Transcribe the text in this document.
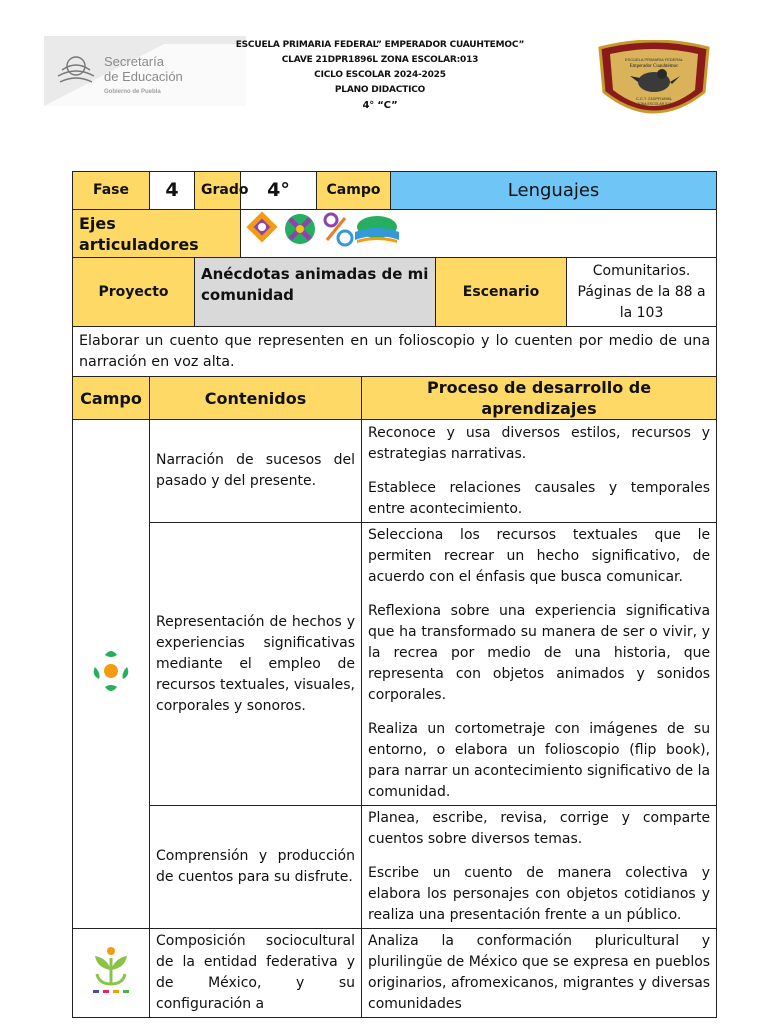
Secretaría
de Educación
Gobierno de Puebla
ESCUELA PRIMARIA FEDERAL” EMPERADOR CUAUHTEMOC”
CLAVE 21DPR1896L ZONA ESCOLAR:013
CICLO ESCOLAR 2024-2025
PLANO DIDACTICO
4° “C”
ESCUELA PRIMARIA FEDERAL
Emperador Cuauhtémoc
C.C.T. 21DPR1896L
ZONA ESCOLAR 013
Fase	4	Grado	4°	Campo		Lenguajes		
Ejes articuladores	
Proyecto		Anécdotas animadas de mi comunidad					Escenario	Comunitarios. Páginas de la 88 a la 103
Elaborar un cuento que representen en un folioscopio y lo cuenten por medio de una narración en voz alta.								
Campo	Contenidos				Proceso de desarrollo de aprendizajes			
	Narración de sucesos del pasado y del presente.				Reconoce y usa diversos estilos, recursos y estrategias narrativas.

Establece relaciones causales y temporales entre acontecimiento.			

	Representación de hechos y experiencias significativas mediante el empleo de recursos textuales, visuales, corporales y sonoros.				Selecciona los recursos textuales que le permiten recrear un hecho significativo, de acuerdo con el énfasis que busca comunicar.

Reflexiona sobre una experiencia significativa que ha transformado su manera de ser o vivir, y la recrea por medio de una historia, que representa con objetos animados y sonidos corporales.

Realiza un cortometraje con imágenes de su entorno, o elabora un folioscopio (flip book), para narrar un acontecimiento significativo de la comunidad.			

	Comprensión y producción de cuentos para su disfrute.				Planea, escribe, revisa, corrige y comparte cuentos sobre diversos temas.

Escribe un cuento de manera colectiva y elabora los personajes con objetos cotidianos y realiza una presentación frente a un público.			

	Composición sociocultural de la entidad federativa y de México, y su configuración a				Analiza la conformación pluricultural y plurilingüe de México que se expresa en pueblos originarios, afromexicanos, migrantes y diversas comunidades			
